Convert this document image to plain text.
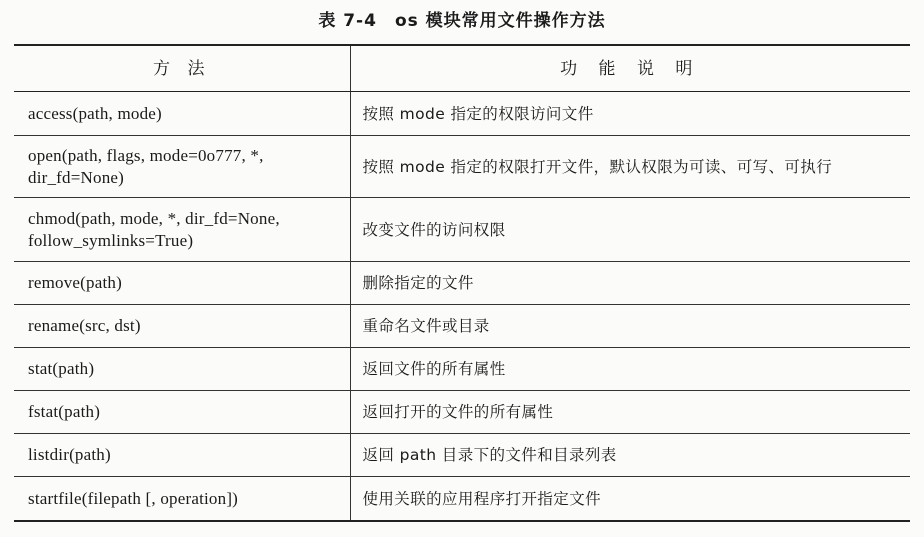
表 7-4 os 模块常用文件操作方法
方 法	功 能 说 明
access(path, mode)	按照 mode 指定的权限访问文件
open(path, flags, mode=0o777, *, dir_fd=None)	按照 mode 指定的权限打开文件，默认权限为可读、可写、可执行
chmod(path, mode, *, dir_fd=None, follow_symlinks=True)	改变文件的访问权限
remove(path)	删除指定的文件
rename(src, dst)	重命名文件或目录
stat(path)	返回文件的所有属性
fstat(path)	返回打开的文件的所有属性
listdir(path)	返回 path 目录下的文件和目录列表
startfile(filepath [, operation])	使用关联的应用程序打开指定文件
